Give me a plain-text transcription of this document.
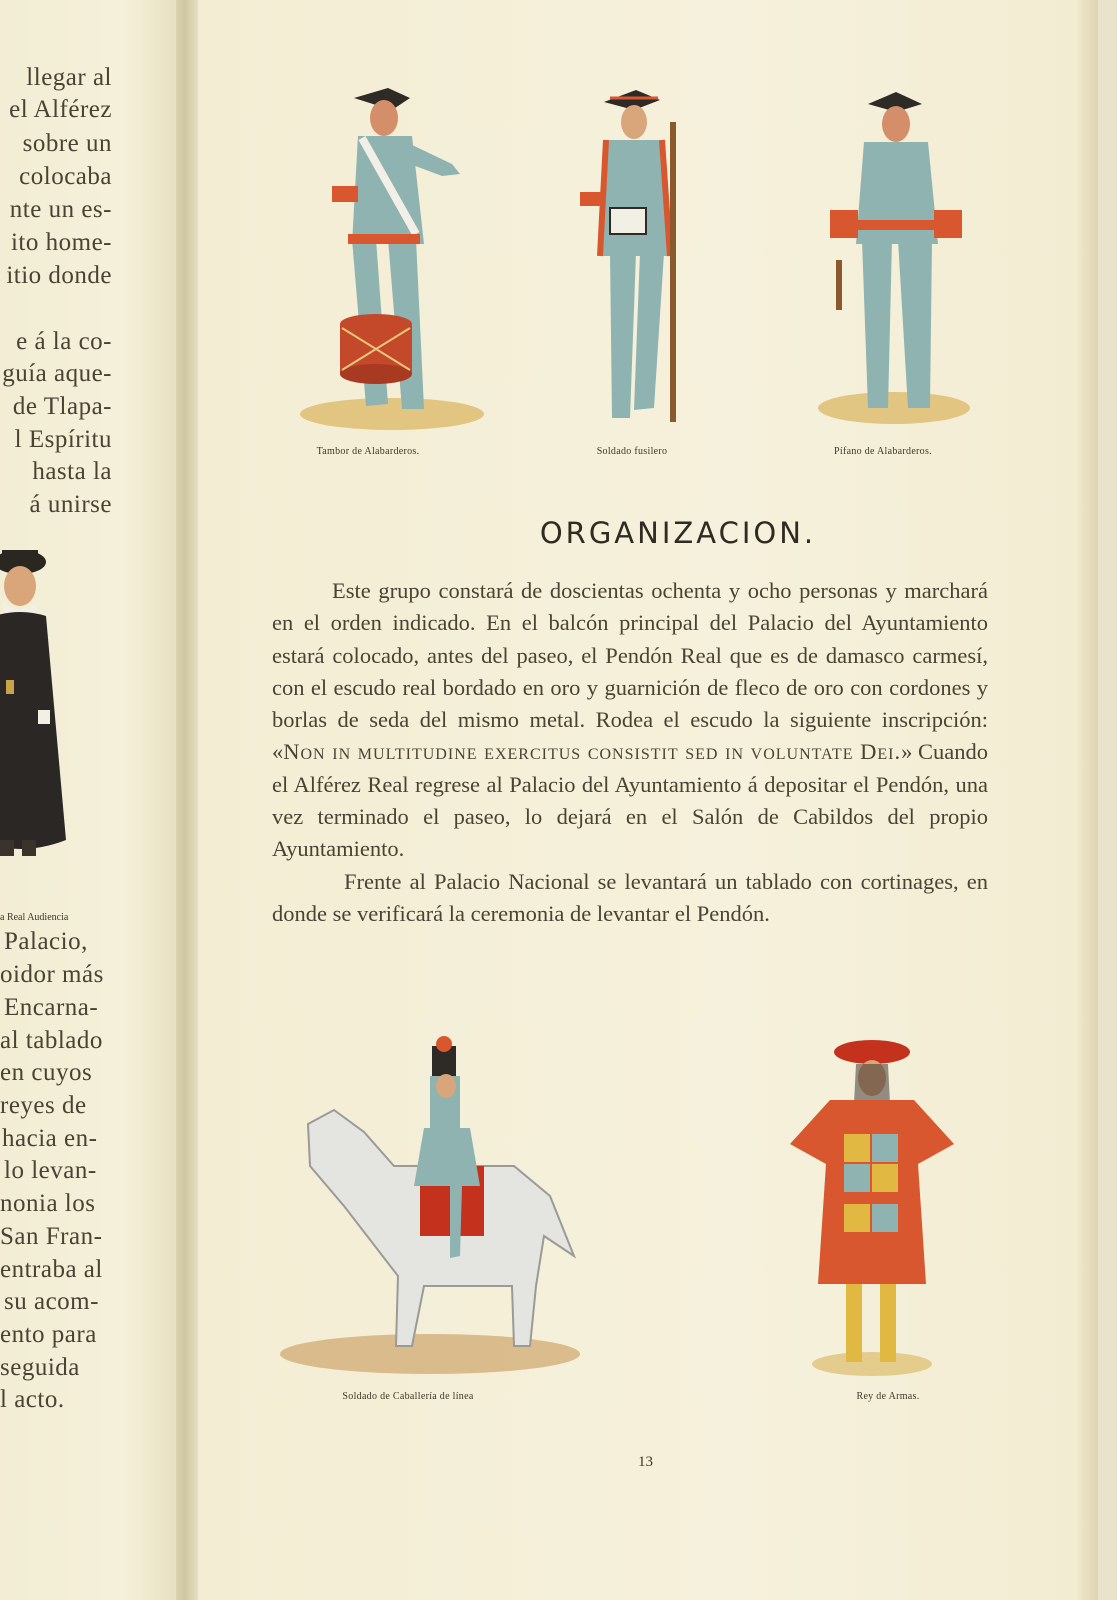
llegar al
el Alférez
sobre un
colocaba
nte un es-
ito home-
itio donde
e á la co-
guía aque-
de Tlapa-
l Espíritu
hasta la
á unirse
a Real Audiencia
Palacio,
oidor más
Encarna-
al tablado
en cuyos
reyes de
hacia en-
lo levan-
nonia los
San Fran-
entraba al
su acom-
ento para
seguida
l acto.
Tambor de Alabarderos.	Soldado fusilero	Pífano de Alabarderos.
ORGANIZACION.

Este grupo constará de doscientas ochenta y ocho personas y marchará en el orden indicado. En el balcón principal del Palacio del Ayuntamiento estará colocado, antes del paseo, el Pendón Real que es de damasco carmesí, con el escudo real bordado en oro y guarnición de fleco de oro con cordones y borlas de seda del mismo metal. Rodea el escudo la siguiente inscripción: «Non in multitudine exercitus consistit sed in voluntate Dei.» Cuando el Alférez Real regrese al Palacio del Ayuntamiento á depositar el Pendón, una vez terminado el paseo, lo dejará en el Salón de Cabildos del propio Ayuntamiento.

Frente al Palacio Nacional se levantará un tablado con cortinages, en donde se verificará la ceremonia de levantar el Pendón.

Soldado de Caballería de línea	Rey de Armas.
13
